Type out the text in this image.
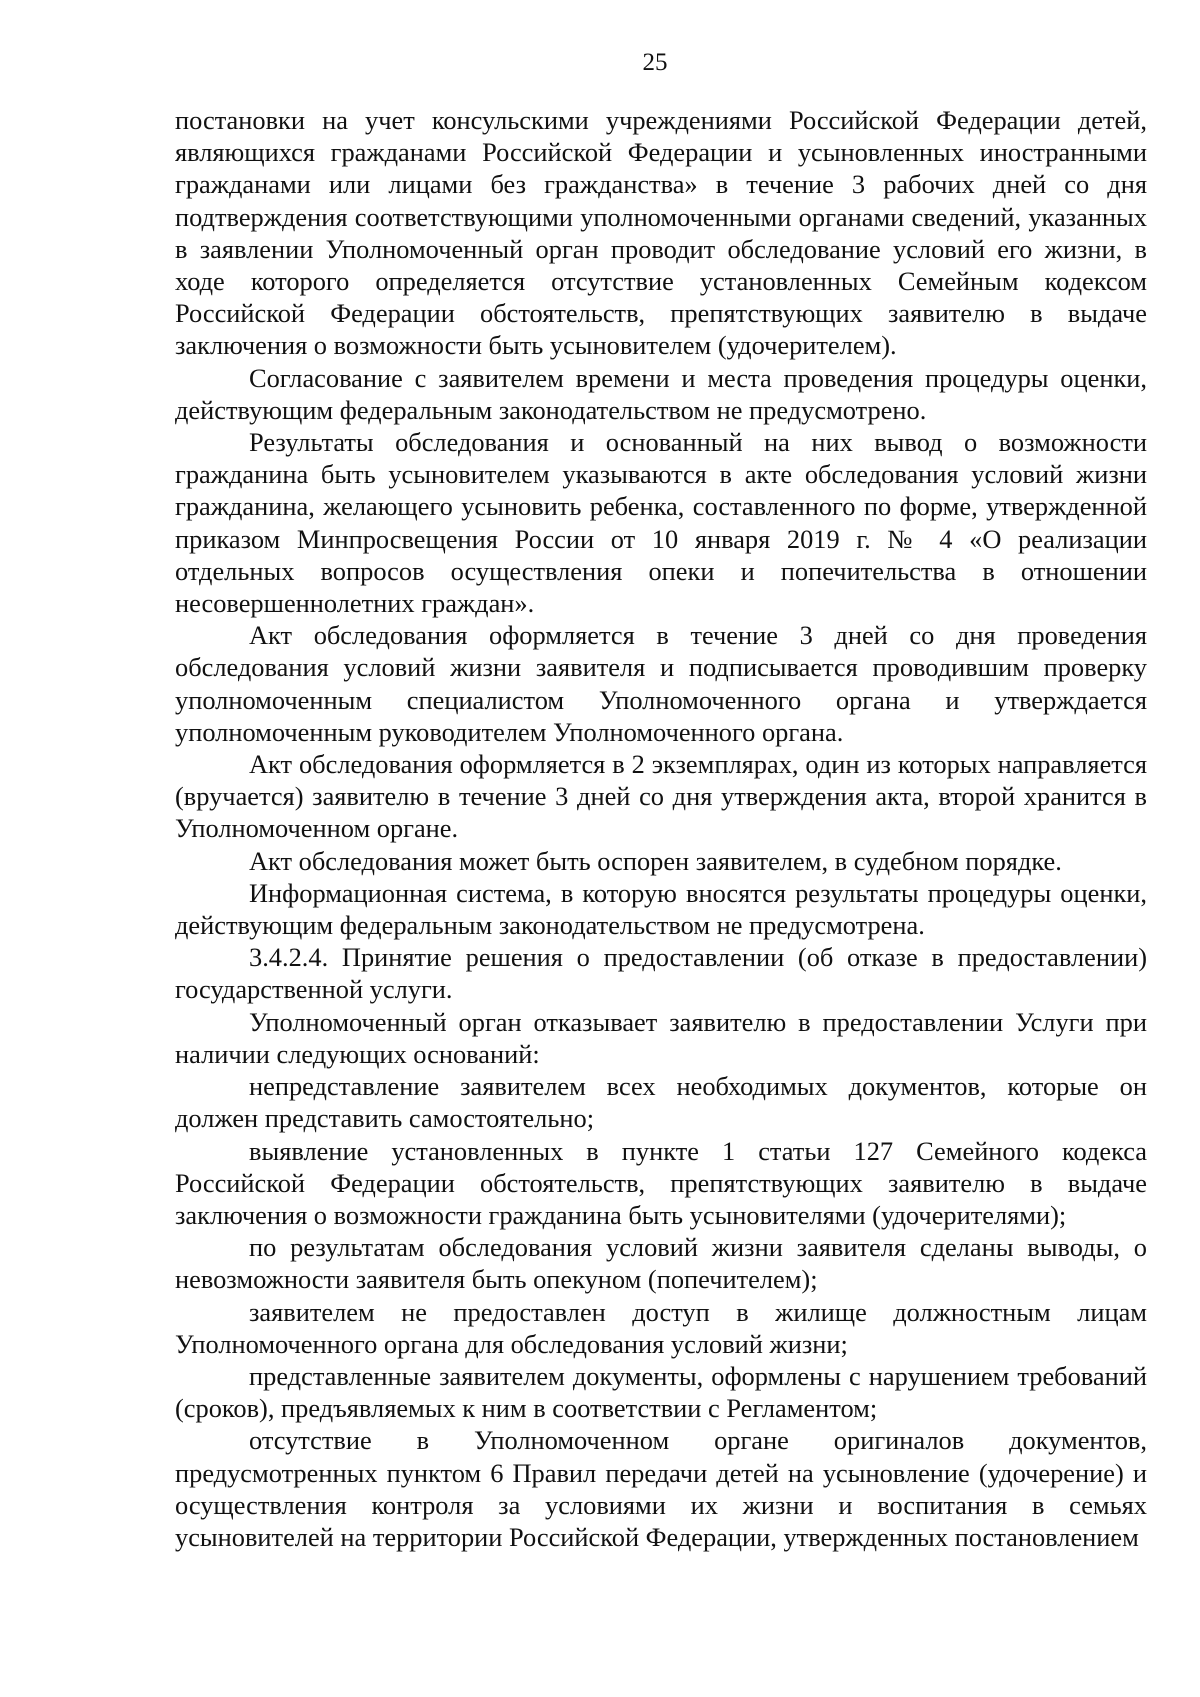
25

постановки на учет консульскими учреждениями Российской Федерации детей, являющихся гражданами Российской Федерации и усыновленных иностранными гражданами или лицами без гражданства» в течение 3 рабочих дней со дня подтверждения соответствующими уполномоченными органами сведений, указанных в заявлении Уполномоченный орган проводит обследование условий его жизни, в ходе которого определяется отсутствие установленных Семейным кодексом Российской Федерации обстоятельств, препятствующих заявителю в выдаче заключения о возможности быть усыновителем (удочерителем).

Согласование с заявителем времени и места проведения процедуры оценки, действующим федеральным законодательством не предусмотрено.

Результаты обследования и основанный на них вывод о возможности гражданина быть усыновителем указываются в акте обследования условий жизни гражданина, желающего усыновить ребенка, составленного по форме, утвержденной приказом Минпросвещения России от 10 января 2019 г. № 4 «О реализации отдельных вопросов осуществления опеки и попечительства в отношении несовершеннолетних граждан».

Акт обследования оформляется в течение 3 дней со дня проведения обследования условий жизни заявителя и подписывается проводившим проверку уполномоченным специалистом Уполномоченного органа и утверждается уполномоченным руководителем Уполномоченного органа.

Акт обследования оформляется в 2 экземплярах, один из которых направляется (вручается) заявителю в течение 3 дней со дня утверждения акта, второй хранится в Уполномоченном органе.

Акт обследования может быть оспорен заявителем, в судебном порядке.

Информационная система, в которую вносятся результаты процедуры оценки, действующим федеральным законодательством не предусмотрена.

3.4.2.4. Принятие решения о предоставлении (об отказе в предоставлении) государственной услуги.

Уполномоченный орган отказывает заявителю в предоставлении Услуги при наличии следующих оснований:

непредставление заявителем всех необходимых документов, которые он должен представить самостоятельно;

выявление установленных в пункте 1 статьи 127 Семейного кодекса Российской Федерации обстоятельств, препятствующих заявителю в выдаче заключения о возможности гражданина быть усыновителями (удочерителями);

по результатам обследования условий жизни заявителя сделаны выводы, о невозможности заявителя быть опекуном (попечителем);

заявителем не предоставлен доступ в жилище должностным лицам Уполномоченного органа для обследования условий жизни;

представленные заявителем документы, оформлены с нарушением требований (сроков), предъявляемых к ним в соответствии с Регламентом;

отсутствие в Уполномоченном органе оригиналов документов, предусмотренных пунктом 6 Правил передачи детей на усыновление (удочерение) и осуществления контроля за условиями их жизни и воспитания в семьях усыновителей на территории Российской Федерации, утвержденных постановлением
